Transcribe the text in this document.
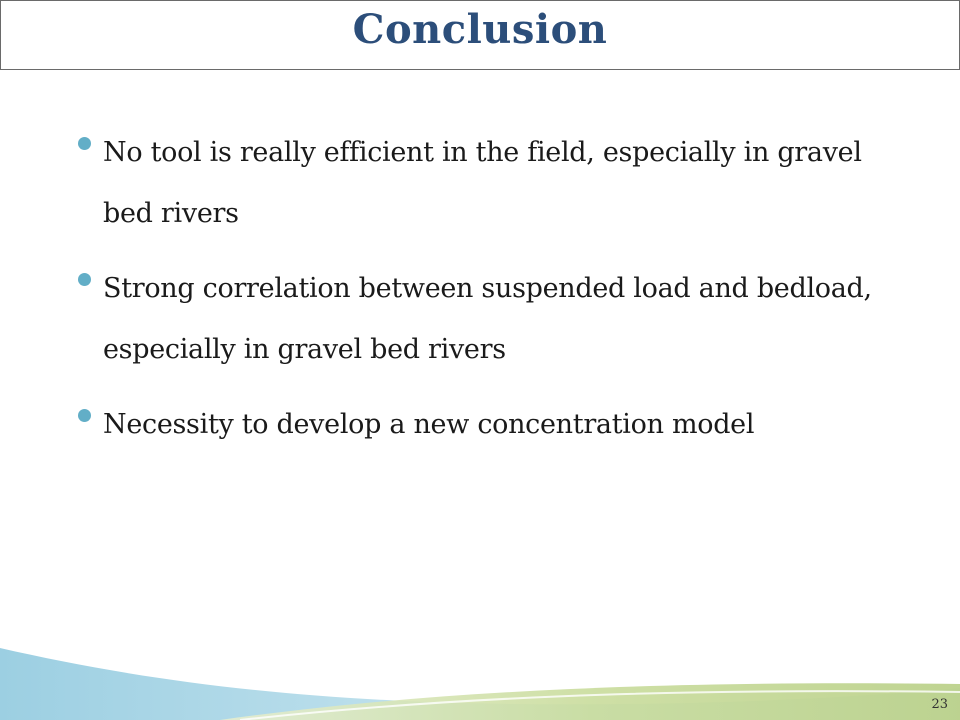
Conclusion
No tool is really efficient in the field, especially in gravel bed rivers
Strong correlation between suspended load and bedload, especially in gravel bed rivers
Necessity to develop a new concentration model
23
